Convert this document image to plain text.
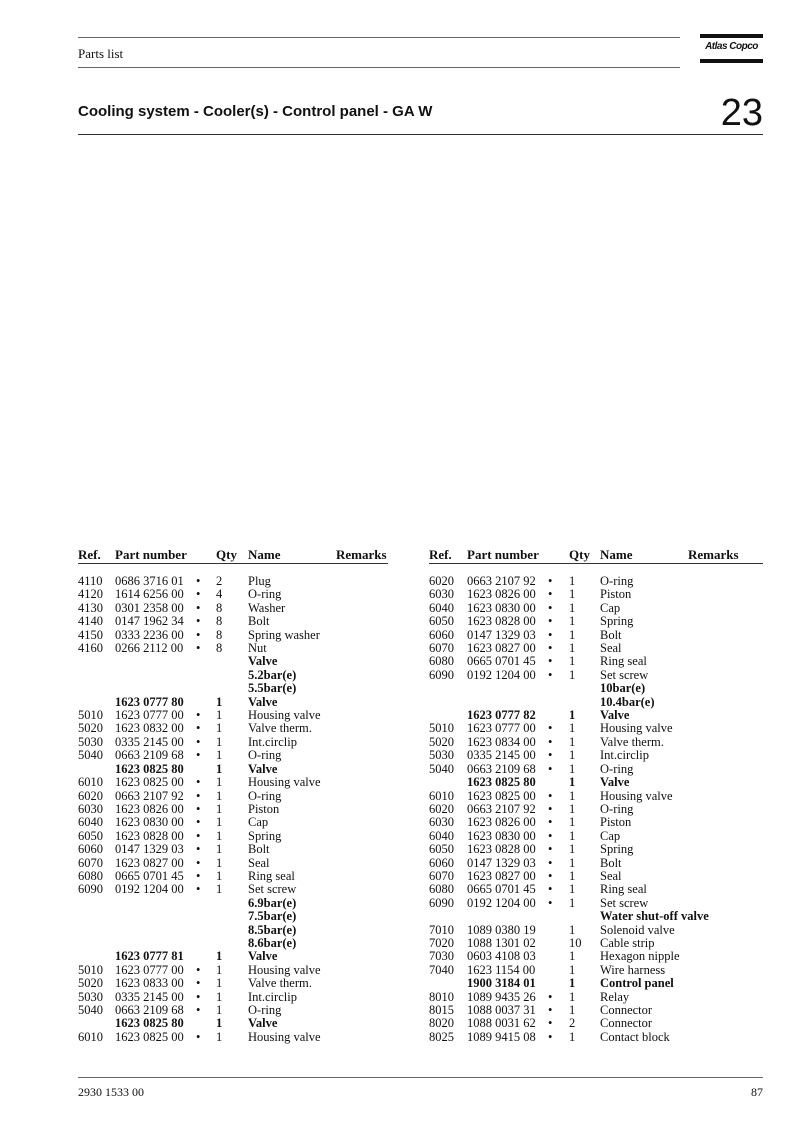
Parts list	Atlas Copco
Cooling system - Cooler(s) - Control panel - GA W	23
Ref. Part number Qty Name	Remarks	Ref. Part number Qty Name	Remarks
4110 0686 3716 01 • 2 Plug
4120 1614 6256 00 • 4 O-ring
4130 0301 2358 00 • 8 Washer
4140 0147 1962 34 • 8 Bolt
4150 0333 2236 00 • 8 Spring washer
4160 0266 2112 00 • 8 Nut
Valve
5.2bar(e)
5.5bar(e)
1623 0777 80	1 Valve
5010 1623 0777 00 • 1 Housing valve
5020 1623 0832 00 • 1 Valve therm.
5030 0335 2145 00 • 1 Int.circlip
5040 0663 2109 68 • 1 O-ring
1623 0825 80	1 Valve
6010 1623 0825 00 • 1 Housing valve
6020 0663 2107 92 • 1 O-ring
6030 1623 0826 00 • 1 Piston
6040 1623 0830 00 • 1 Cap
6050 1623 0828 00 • 1 Spring
6060 0147 1329 03 • 1 Bolt
6070 1623 0827 00 • 1 Seal
6080 0665 0701 45 • 1 Ring seal
6090 0192 1204 00 • 1 Set screw
6.9bar(e)
7.5bar(e)
8.5bar(e)
8.6bar(e)
1623 0777 81	1 Valve
5010 1623 0777 00 • 1 Housing valve
5020 1623 0833 00 • 1 Valve therm.
5030 0335 2145 00 • 1 Int.circlip
5040 0663 2109 68 • 1 O-ring
1623 0825 80	1 Valve
6010 1623 0825 00 • 1 Housing valve
6020 0663 2107 92 • 1 O-ring
6030 1623 0826 00 • 1 Piston
6040 1623 0830 00 • 1 Cap
6050 1623 0828 00 • 1 Spring
6060 0147 1329 03 • 1 Bolt
6070 1623 0827 00 • 1 Seal
6080 0665 0701 45 • 1 Ring seal
6090 0192 1204 00 • 1 Set screw
10bar(e)
10.4bar(e)
1623 0777 82	1 Valve
5010 1623 0777 00 • 1 Housing valve
5020 1623 0834 00 • 1 Valve therm.
5030 0335 2145 00 • 1 Int.circlip
5040 0663 2109 68 • 1 O-ring
1623 0825 80	1 Valve
6010 1623 0825 00 • 1 Housing valve
6020 0663 2107 92 • 1 O-ring
6030 1623 0826 00 • 1 Piston
6040 1623 0830 00 • 1 Cap
6050 1623 0828 00 • 1 Spring
6060 0147 1329 03 • 1 Bolt
6070 1623 0827 00 • 1 Seal
6080 0665 0701 45 • 1 Ring seal
6090 0192 1204 00 • 1 Set screw
Water shut-off valve
7010 1089 0380 19	1 Solenoid valve
7020 1088 1301 02	10 Cable strip
7030 0603 4108 03	1 Hexagon nipple
7040 1623 1154 00	1 Wire harness
1900 3184 01	1 Control panel
8010 1089 9435 26 • 1 Relay
8015 1088 0037 31 • 1 Connector
8020 1088 0031 62 • 2 Connector
8025 1089 9415 08 • 1 Contact block
2930 1533 00	87
